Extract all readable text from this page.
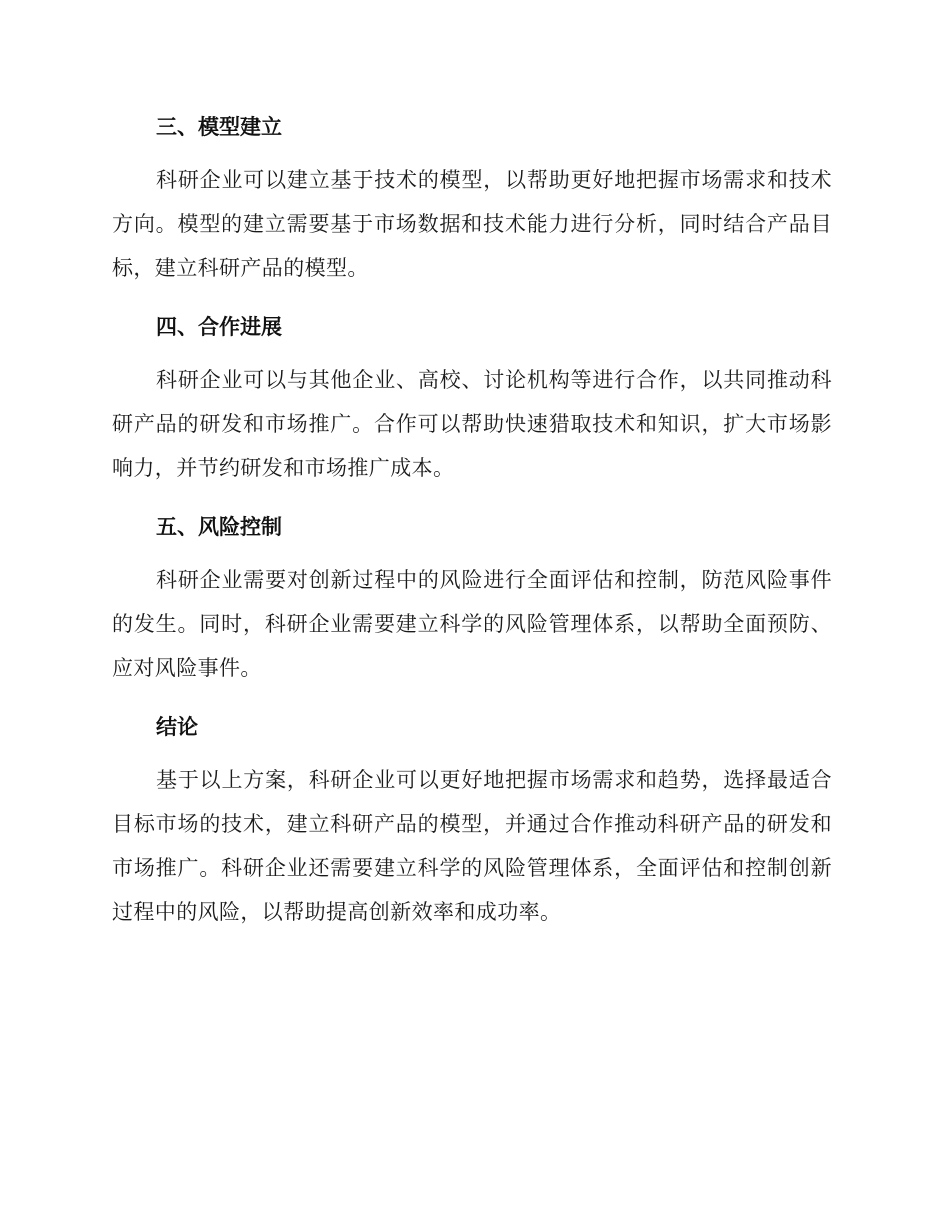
三、模型建立

科研企业可以建立基于技术的模型，以帮助更好地把握市场需求和技术方向。模型的建立需要基于市场数据和技术能力进行分析，同时结合产品目标，建立科研产品的模型。

四、合作进展

科研企业可以与其他企业、高校、讨论机构等进行合作，以共同推动科研产品的研发和市场推广。合作可以帮助快速猎取技术和知识，扩大市场影响力，并节约研发和市场推广成本。

五、风险控制

科研企业需要对创新过程中的风险进行全面评估和控制，防范风险事件的发生。同时，科研企业需要建立科学的风险管理体系，以帮助全面预防、应对风险事件。

结论

基于以上方案，科研企业可以更好地把握市场需求和趋势，选择最适合目标市场的技术，建立科研产品的模型，并通过合作推动科研产品的研发和市场推广。科研企业还需要建立科学的风险管理体系，全面评估和控制创新过程中的风险，以帮助提高创新效率和成功率。
